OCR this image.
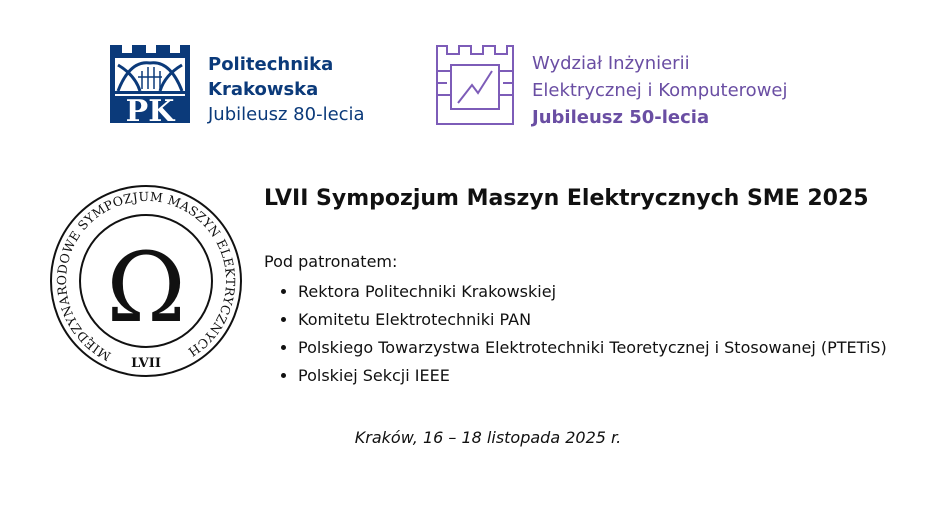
PK
Politechnika
Krakowska
Jubileusz 80-lecia
Wydział Inżynierii
Elektrycznej i Komputerowej
Jubileusz 50-lecia
MIĘDZYNARODOWE SYMPOZJUM MASZYN ELEKTRYCZNYCH
Ω
LVII
LVII Sympozjum Maszyn Elektrycznych SME 2025
Pod patronatem:
• Rektora Politechniki Krakowskiej
• Komitetu Elektrotechniki PAN
• Polskiego Towarzystwa Elektrotechniki Teoretycznej i Stosowanej (PTETiS)
• Polskiej Sekcji IEEE
Kraków, 16 – 18 listopada 2025 r.
